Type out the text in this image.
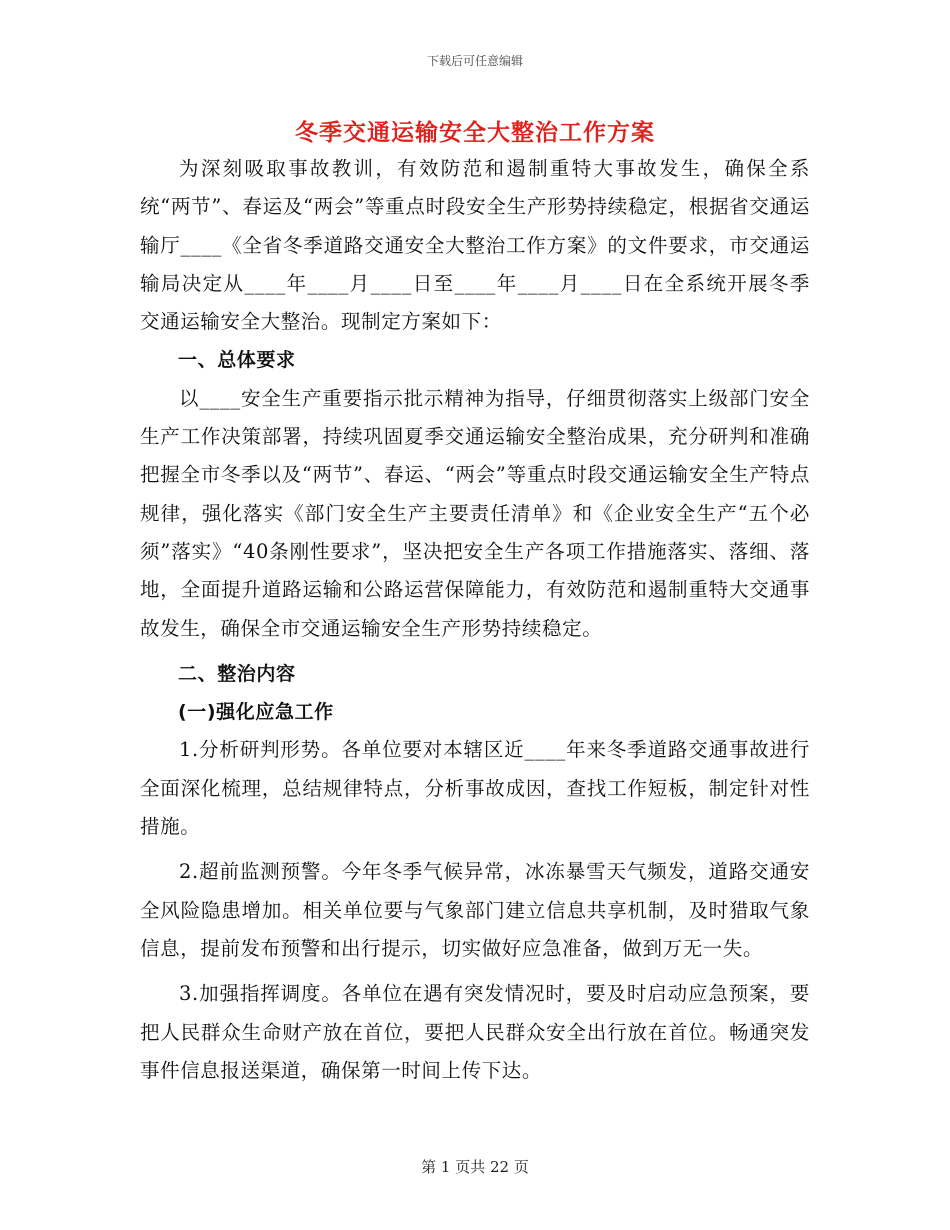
下载后可任意编辑
冬季交通运输安全大整治工作方案

为深刻吸取事故教训，有效防范和遏制重特大事故发生，确保全系统“两节”、春运及“两会”等重点时段安全生产形势持续稳定，根据省交通运输厅____《全省冬季道路交通安全大整治工作方案》的文件要求，市交通运输局决定从____年____月____日至____年____月____日在全系统开展冬季交通运输安全大整治。现制定方案如下：

一、总体要求

以____安全生产重要指示批示精神为指导，仔细贯彻落实上级部门安全生产工作决策部署，持续巩固夏季交通运输安全整治成果，充分研判和准确把握全市冬季以及“两节”、春运、“两会”等重点时段交通运输安全生产特点规律，强化落实《部门安全生产主要责任清单》和《企业安全生产“五个必须”落实》“40条刚性要求”，坚决把安全生产各项工作措施落实、落细、落地，全面提升道路运输和公路运营保障能力，有效防范和遏制重特大交通事故发生，确保全市交通运输安全生产形势持续稳定。

二、整治内容

(一)强化应急工作

1.分析研判形势。各单位要对本辖区近____年来冬季道路交通事故进行全面深化梳理，总结规律特点，分析事故成因，查找工作短板，制定针对性措施。

2.超前监测预警。今年冬季气候异常，冰冻暴雪天气频发，道路交通安全风险隐患增加。相关单位要与气象部门建立信息共享机制，及时猎取气象信息，提前发布预警和出行提示，切实做好应急准备，做到万无一失。

3.加强指挥调度。各单位在遇有突发情况时，要及时启动应急预案，要把人民群众生命财产放在首位，要把人民群众安全出行放在首位。畅通突发事件信息报送渠道，确保第一时间上传下达。

第 1 页共 22 页
